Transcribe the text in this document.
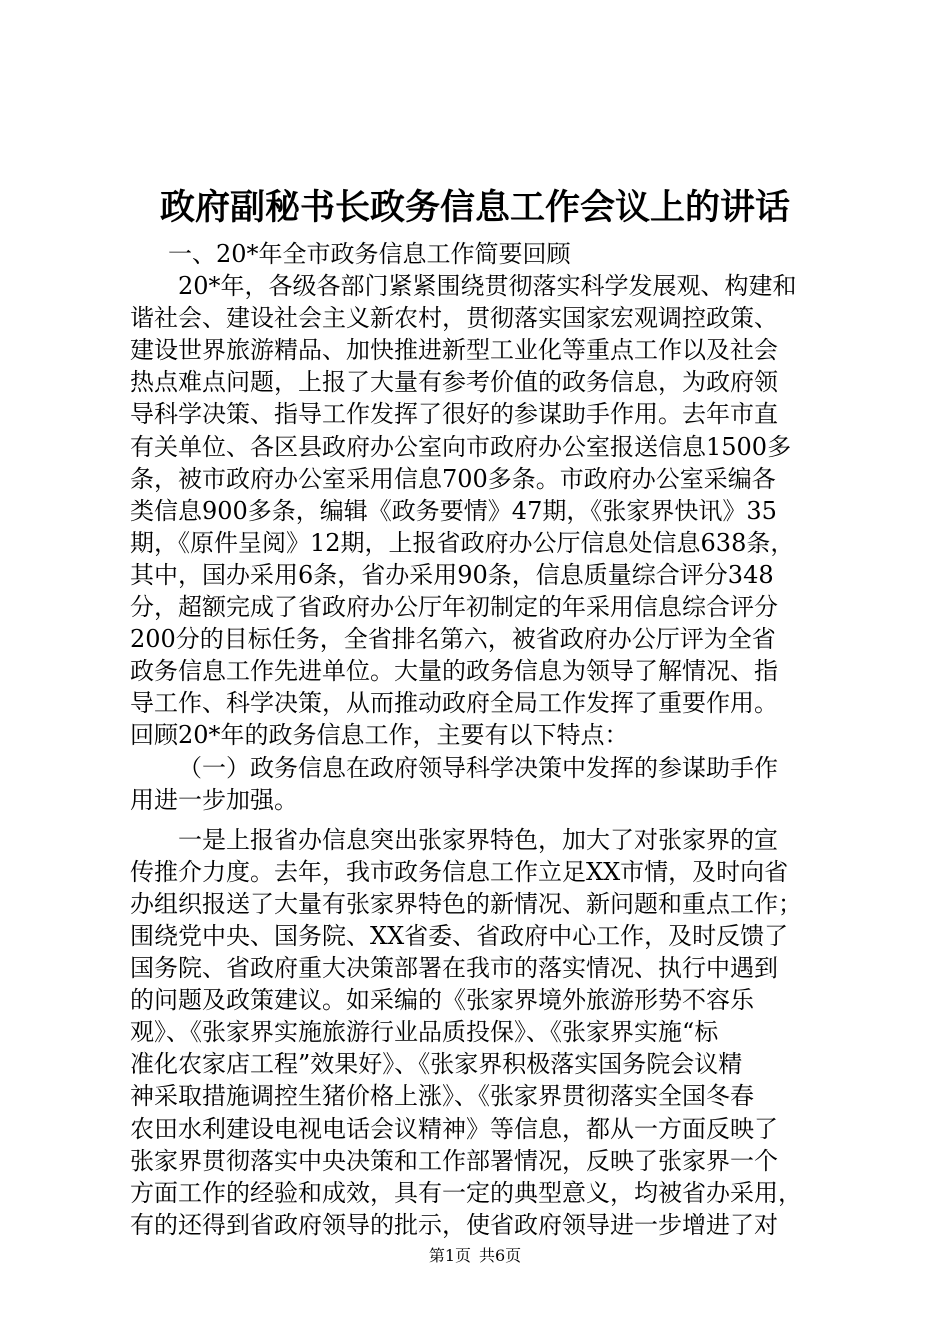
政府副秘书长政务信息工作会议上的讲话
一、20*年全市政务信息工作简要回顾
20*年，各级各部门紧紧围绕贯彻落实科学发展观、构建和
谐社会、建设社会主义新农村，贯彻落实国家宏观调控政策、
建设世界旅游精品、加快推进新型工业化等重点工作以及社会
热点难点问题，上报了大量有参考价值的政务信息，为政府领
导科学决策、指导工作发挥了很好的参谋助手作用。去年市直
有关单位、各区县政府办公室向市政府办公室报送信息1500多
条，被市政府办公室采用信息700多条。市政府办公室采编各
类信息900多条，编辑《政务要情》47期，《张家界快讯》35
期，《原件呈阅》12期，上报省政府办公厅信息处信息638条，
其中，国办采用6条，省办采用90条，信息质量综合评分348
分，超额完成了省政府办公厅年初制定的年采用信息综合评分
200分的目标任务，全省排名第六，被省政府办公厅评为全省
政务信息工作先进单位。大量的政务信息为领导了解情况、指
导工作、科学决策，从而推动政府全局工作发挥了重要作用。
回顾20*年的政务信息工作，主要有以下特点：
（一）政务信息在政府领导科学决策中发挥的参谋助手作
用进一步加强。
一是上报省办信息突出张家界特色，加大了对张家界的宣
传推介力度。去年，我市政务信息工作立足XX市情，及时向省
办组织报送了大量有张家界特色的新情况、新问题和重点工作；
围绕党中央、国务院、XX省委、省政府中心工作，及时反馈了
国务院、省政府重大决策部署在我市的落实情况、执行中遇到
的问题及政策建议。如采编的《张家界境外旅游形势不容乐
观》、《张家界实施旅游行业品质投保》、《张家界实施“标
准化农家店工程”效果好》、《张家界积极落实国务院会议精
神采取措施调控生猪价格上涨》、《张家界贯彻落实全国冬春
农田水利建设电视电话会议精神》等信息，都从一方面反映了
张家界贯彻落实中央决策和工作部署情况，反映了张家界一个
方面工作的经验和成效，具有一定的典型意义，均被省办采用，
有的还得到省政府领导的批示，使省政府领导进一步增进了对
第1页 共6页
